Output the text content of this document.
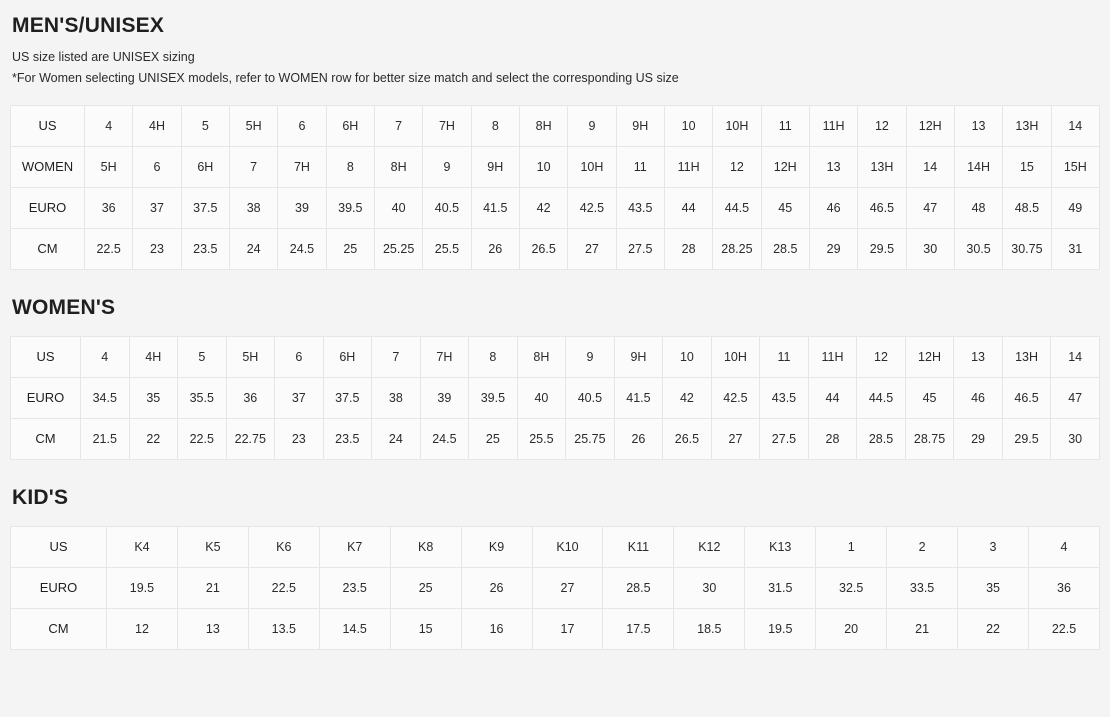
MEN'S/UNISEX

US size listed are UNISEX sizing

*For Women selecting UNISEX models, refer to WOMEN row for better size match and select the corresponding US size

US	4	4H	5	5H	6	6H	7	7H	8	8H	9	9H	10	10H	11	11H	12	12H	13	13H	14
WOMEN	5H	6	6H	7	7H	8	8H	9	9H	10	10H	11	11H	12	12H	13	13H	14	14H	15	15H
EURO	36	37	37.5	38	39	39.5	40	40.5	41.5	42	42.5	43.5	44	44.5	45	46	46.5	47	48	48.5	49
CM	22.5	23	23.5	24	24.5	25	25.25	25.5	26	26.5	27	27.5	28	28.25	28.5	29	29.5	30	30.5	30.75	31
WOMEN'S
US	4	4H	5	5H	6	6H	7	7H	8	8H	9	9H	10	10H	11	11H	12	12H	13	13H	14
EURO	34.5	35	35.5	36	37	37.5	38	39	39.5	40	40.5	41.5	42	42.5	43.5	44	44.5	45	46	46.5	47
CM	21.5	22	22.5	22.75	23	23.5	24	24.5	25	25.5	25.75	26	26.5	27	27.5	28	28.5	28.75	29	29.5	30
KID'S
US	K4	K5	K6	K7	K8	K9	K10	K11	K12	K13	1	2	3	4
EURO	19.5	21	22.5	23.5	25	26	27	28.5	30	31.5	32.5	33.5	35	36
CM	12	13	13.5	14.5	15	16	17	17.5	18.5	19.5	20	21	22	22.5
